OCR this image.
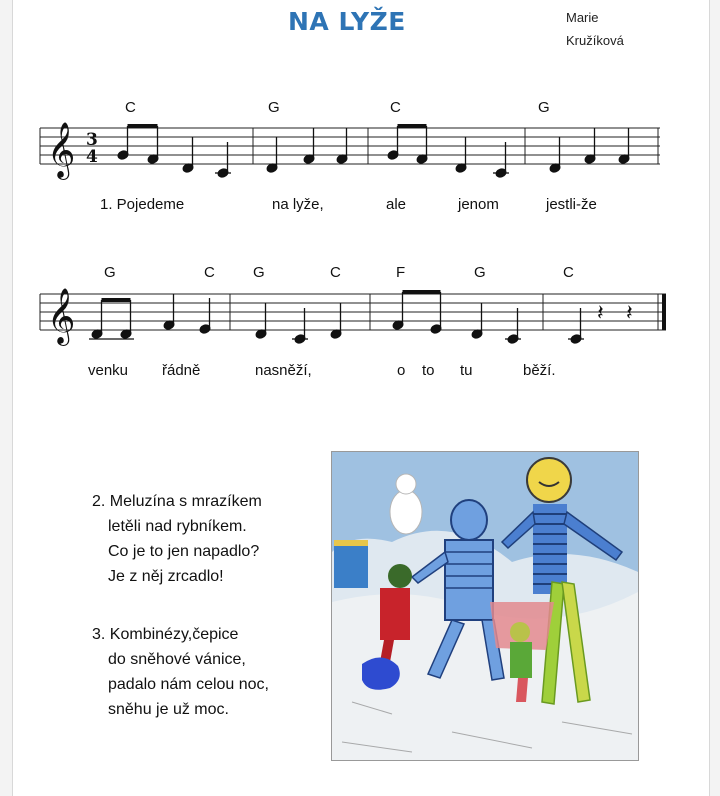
NA LYŽE	Marie
Kružíková
C	G	C	G
𝄞 3
4
1. Pojedeme	na lyže,	ale	jenom	jestli-že
G	C	G	C	F	G	C
𝄞	𝄽 𝄽
venku řádně	nasněží,	o to tu	běží.
2. Meluzína s mrazíkem
letěli nad rybníkem.
Co je to jen napadlo?
Je z něj zrcadlo!
3. Kombinézy,čepice
do sněhové vánice,
padalo nám celou noc,
sněhu je už moc.
